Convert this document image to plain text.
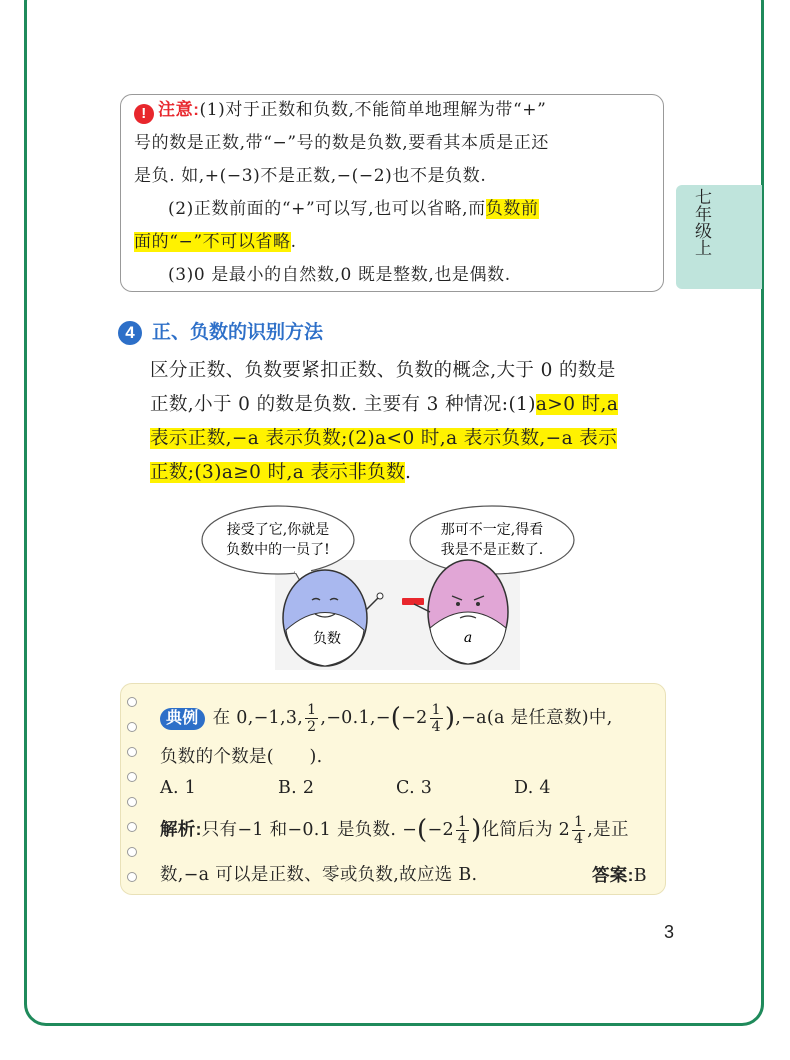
七年级上
! 注意:(1)对于正数和负数,不能简单地理解为带“+”
号的数是正数,带“−”号的数是负数,要看其本质是正还
是负. 如,+(−3)不是正数,−(−2)也不是负数.
(2)正数前面的“+”可以写,也可以省略,而负数前
面的“−”不可以省略.
(3)0 是最小的自然数,0 既是整数,也是偶数.
4 正、负数的识别方法
区分正数、负数要紧扣正数、负数的概念,大于 0 的数是
正数,小于 0 的数是负数. 主要有 3 种情况:(1)a>0 时,a
表示正数,−a 表示负数;(2)a<0 时,a 表示负数,−a 表示
正数;(3)a≥0 时,a 表示非负数.
接受了它,你就是
负数中的一员了!
那可不一定,得看
我是不是正数了.
负数	a
典例 在 0,−1,3, $\frac{1}{2} ,-0.1,-(-2 \frac{1}{4} ),-a(a$ 是任意数)中,
负数的个数是(　　).
A. 1	B. 2	C. 3	D. 4
解析:只有−1 和−0.1 是负数. $-(-2 \frac{1}{4}$ )化简后为 $2 \frac{1}{4}$ ,是正
数,−a 可以是正数、零或负数,故应选 B.	答案:B
3
